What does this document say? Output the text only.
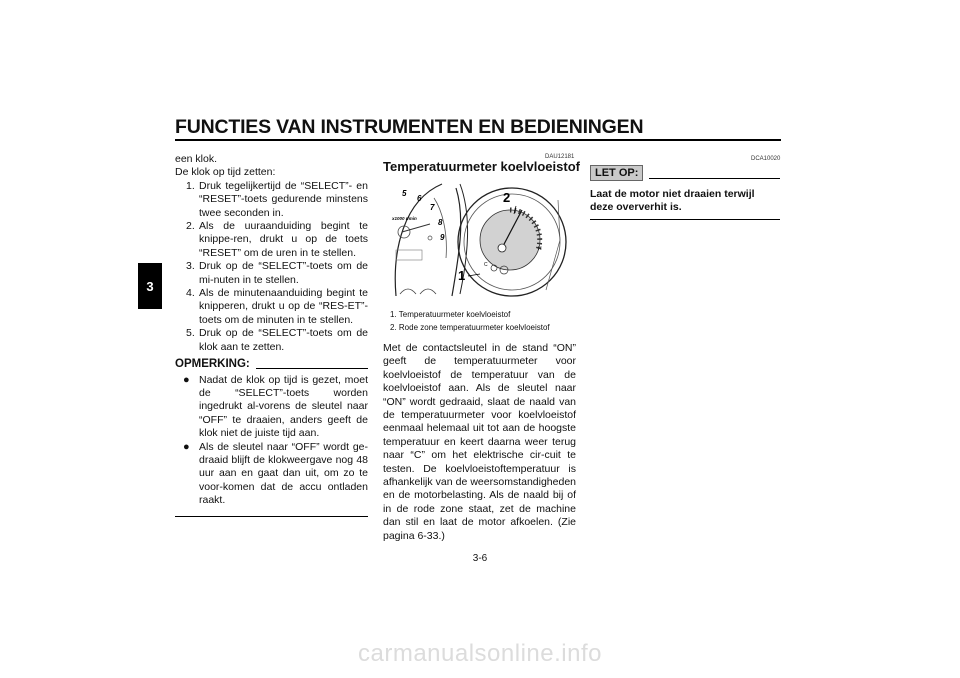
FUNCTIES VAN INSTRUMENTEN EN BEDIENINGEN
3

een klok.

De klok op tijd zetten:

1. Druk tegelijkertijd de “SELECT”- en “RESET”-toets gedurende minstens twee seconden in.
2. Als de uuraanduiding begint te knippe-ren, drukt u op de toets “RESET” om de uren in te stellen.
3. Druk op de “SELECT”-toets om de mi-nuten in te stellen.
4. Als de minutenaanduiding begint te knipperen, drukt u op de “RES-ET”-toets om de minuten in te stellen.
5. Druk op de “SELECT”-toets om de klok aan te zetten.
OPMERKING:
● Nadat de klok op tijd is gezet, moet de “SELECT”-toets worden ingedrukt al-vorens de sleutel naar “OFF” te draaien, anders geeft de klok niet de juiste tijd aan.
● Als de sleutel naar “OFF” wordt ge-draaid blijft de klokweergave nog 48 uur aan en gaat dan uit, om zo te voor-komen dat de accu ontladen raakt.
DAU12181
Temperatuurmeter koelvloeistof
5
6
7
8
9
x1000 r/min
C
H
1
2

1. Temperatuurmeter koelvloeistof

2. Rode zone temperatuurmeter koelvloeistof

Met de contactsleutel in de stand “ON” geeft de temperatuurmeter voor koelvloeistof de temperatuur van de koelvloeistof aan. Als de sleutel naar “ON” wordt gedraaid, slaat de naald van de temperatuurmeter voor koelvloeistof eenmaal helemaal uit tot aan de hoogste temperatuur en keert daarna weer terug naar “C” om het elektrische cir-cuit te testen. De koelvloeistoftemperatuur is afhankelijk van de weersomstandigheden en de motorbelasting. Als de naald bij of in de rode zone staat, zet de machine dan stil en laat de motor afkoelen. (Zie pagina 6-33.)
DCA10020
LET OP:
Laat de motor niet draaien terwijl deze oververhit is.
3-6
carmanualsonline.info
